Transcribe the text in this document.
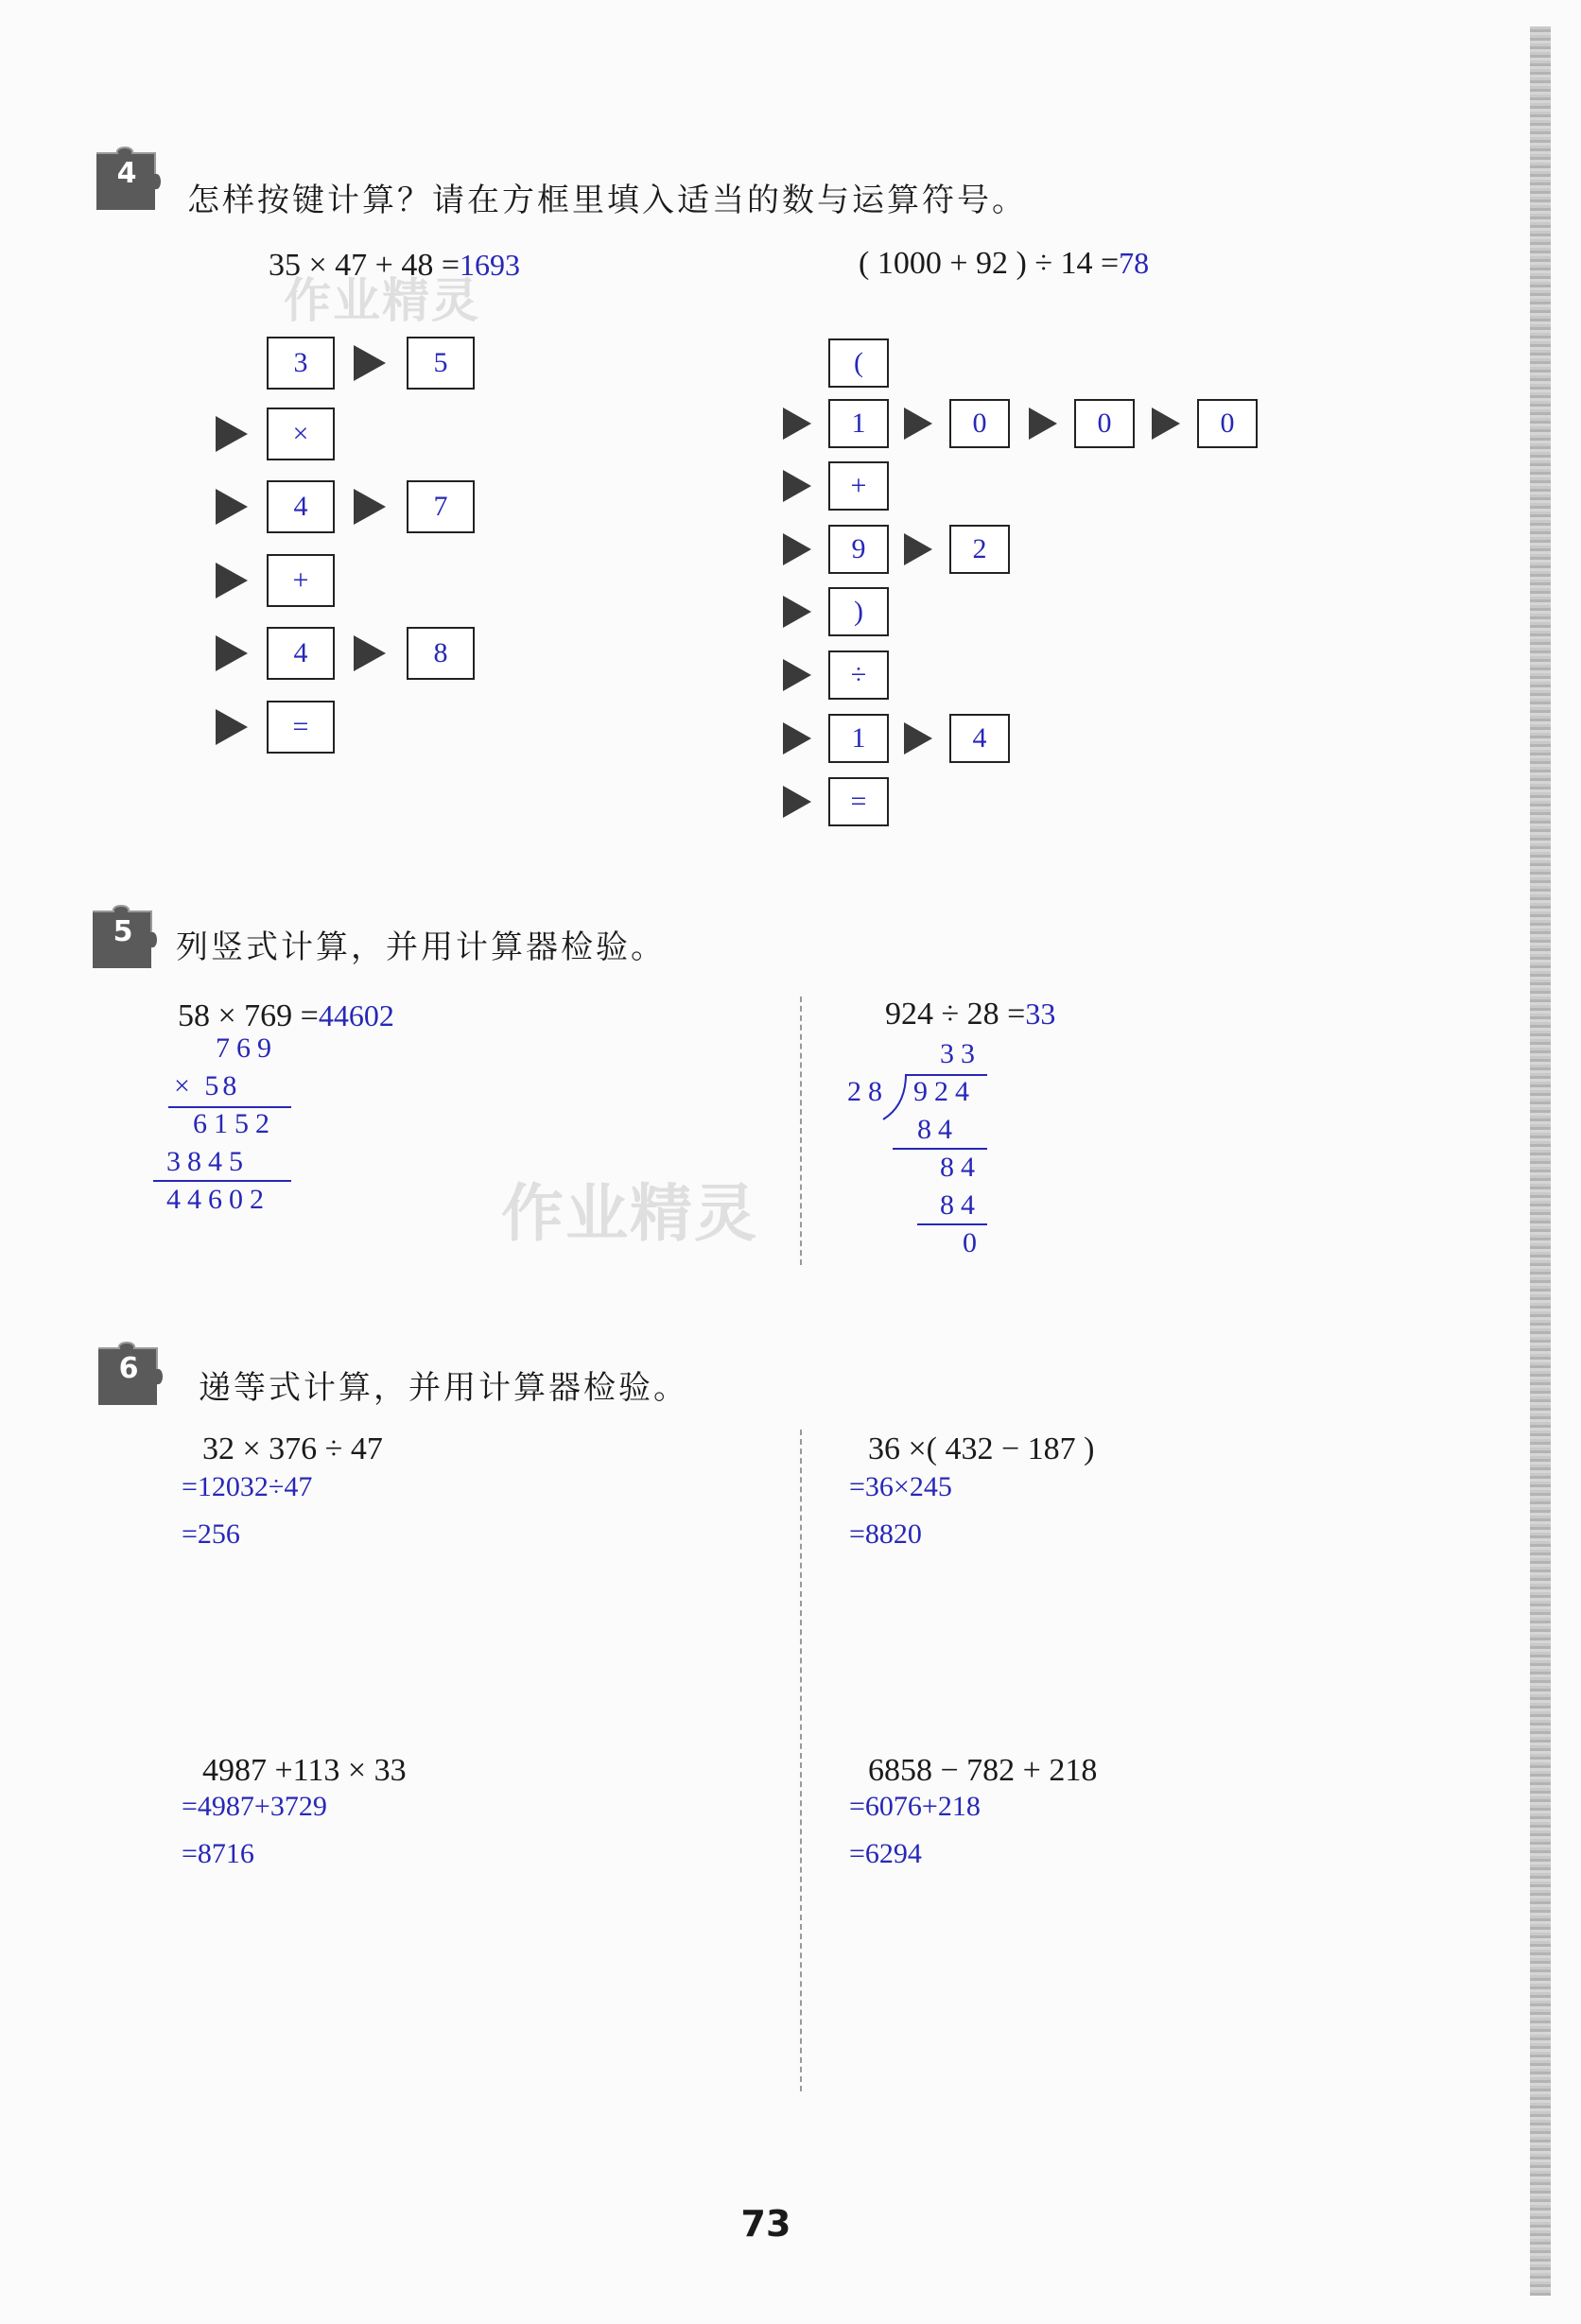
4
怎样按键计算？请在方框里填入适当的数与运算符号。
35 × 47 + 48 =1693	( 1000 + 92 ) ÷ 14 =78
作业精灵
3	5
×
4	7
+
4	8
=
(
1	0	0	0
+
9	2
)
÷
1	4
=
5	列竖式计算，并用计算器检验。
58 × 769 =44602
769
× 58
6152
3845
44602	作业精灵
924 ÷ 28 =33
33
28 924
84
84
84
0
6
递等式计算，并用计算器检验。
32 × 376 ÷ 47
=12032÷47
=256
36 ×( 432 − 187 )
=36×245
=8820
4987 +113 × 33
=4987+3729
=8716
6858 − 782 + 218
=6076+218
=6294
73
